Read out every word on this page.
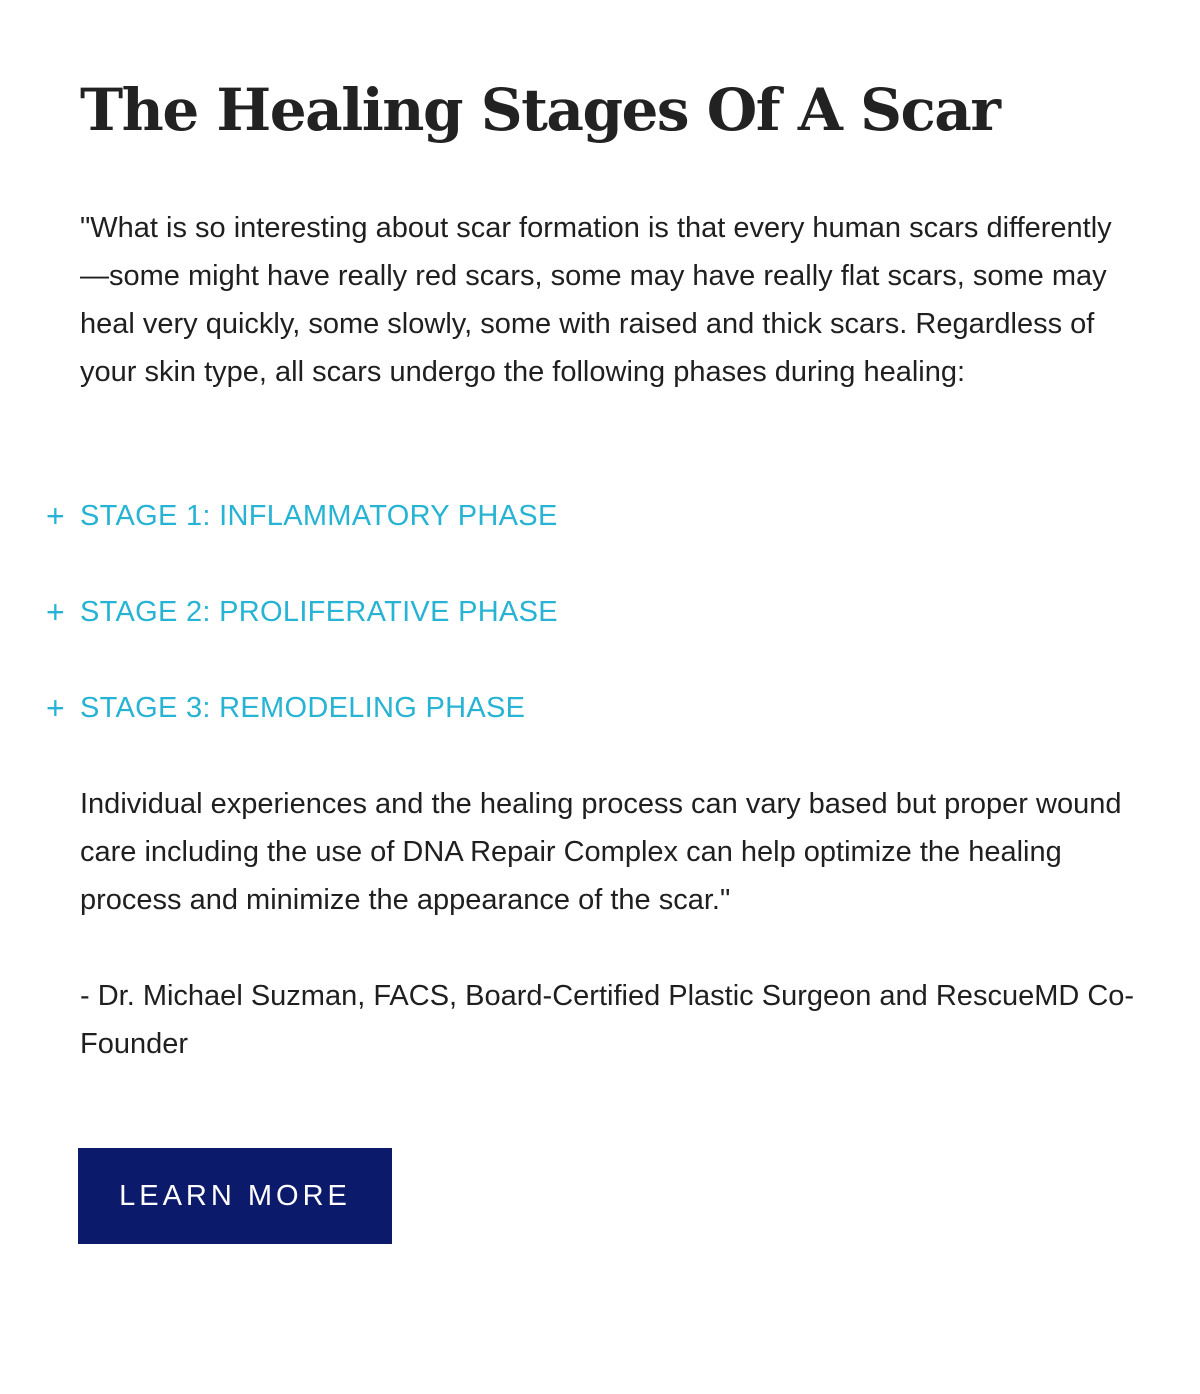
The Healing Stages Of A Scar

"What is so interesting about scar formation is that every human scars differently—some might have really red scars, some may have really flat scars, some may heal very quickly, some slowly, some with raised and thick scars. Regardless of your skin type, all scars undergo the following phases during healing:

+ STAGE 1: INFLAMMATORY PHASE
+ STAGE 2: PROLIFERATIVE PHASE
+ STAGE 3: REMODELING PHASE

Individual experiences and the healing process can vary based but proper wound care including the use of DNA Repair Complex can help optimize the healing process and minimize the appearance of the scar."

- Dr. Michael Suzman, FACS, Board-Certified Plastic Surgeon and RescueMD Co-Founder

LEARN MORE
